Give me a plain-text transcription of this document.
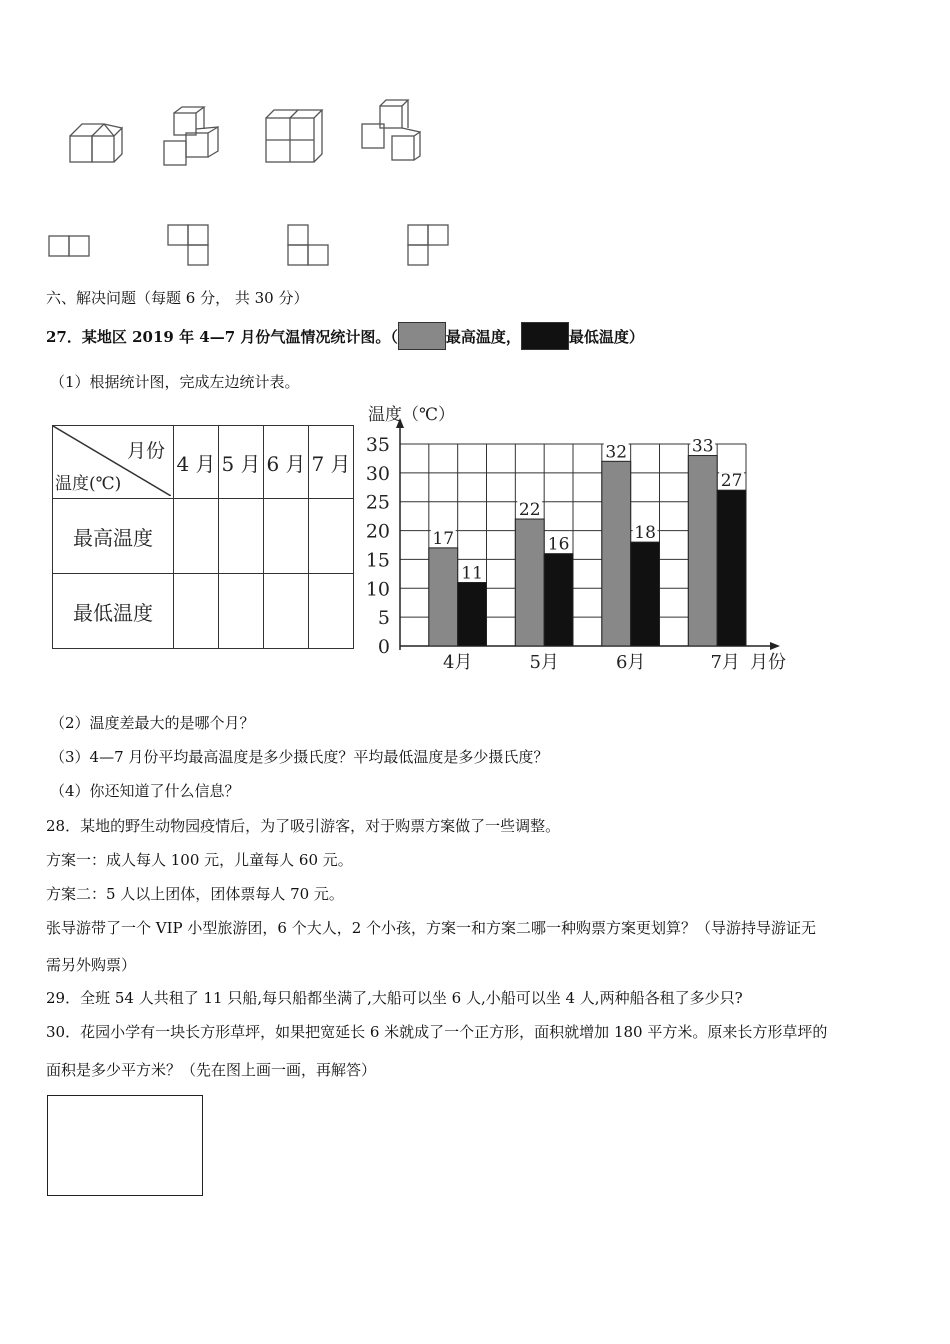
六、解决问题（每题 6 分， 共 30 分）
27．某地区 2019 年 4—7 月份气温情况统计图。（	最高温度，	最低温度）
（1）根据统计图，完成左边统计表。
月份
温度(℃)	4 月	5 月	6 月	7 月
最高温度				
最低温度				
0
5
10
15
20
25
30
35
温度（℃）
17
11
4月
22
16
5月
32
18
6月
33
27
7月 月份
（2）温度差最大的是哪个月？
（3）4—7 月份平均最高温度是多少摄氏度？平均最低温度是多少摄氏度？
（4）你还知道了什么信息？
28．某地的野生动物园疫情后，为了吸引游客，对于购票方案做了一些调整。
方案一：成人每人 100 元，儿童每人 60 元。
方案二：5 人以上团体，团体票每人 70 元。
张导游带了一个 VIP 小型旅游团，6 个大人，2 个小孩，方案一和方案二哪一种购票方案更划算？（导游持导游证无
需另外购票）
29．全班 54 人共租了 11 只船,每只船都坐满了,大船可以坐 6 人,小船可以坐 4 人,两种船各租了多少只?
30．花园小学有一块长方形草坪，如果把宽延长 6 米就成了一个正方形，面积就增加 180 平方米。原来长方形草坪的
面积是多少平方米？（先在图上画一画，再解答）
